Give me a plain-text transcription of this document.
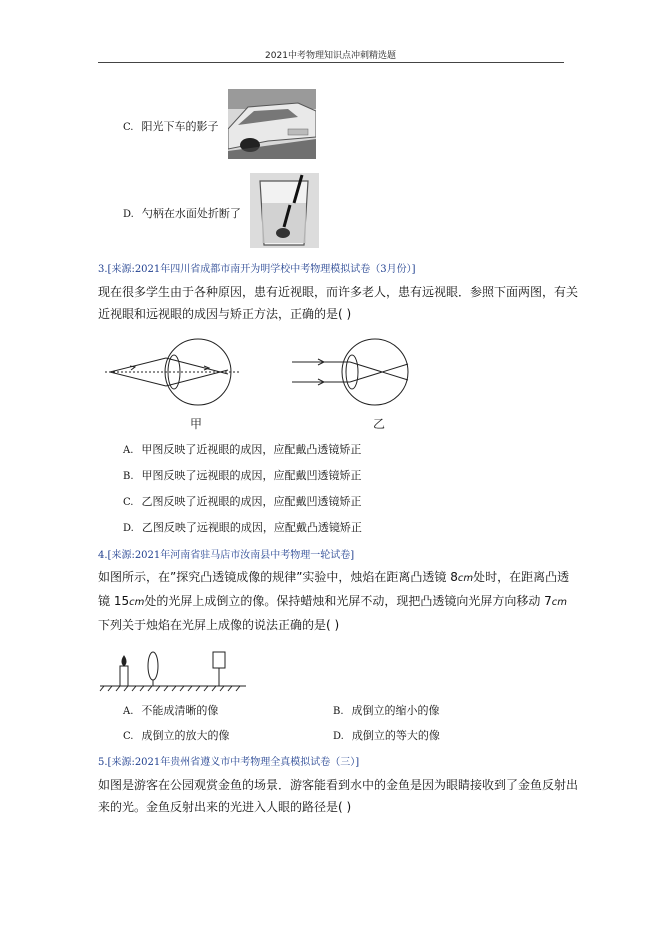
2021中考物理知识点冲刺精选题
C. 阳光下车的影子
D. 勺柄在水面处折断了
3.[来源:2021年四川省成都市南开为明学校中考物理模拟试卷（3月份）]
现在很多学生由于各种原因，患有近视眼，而许多老人，患有远视眼．参照下面两图，有关
近视眼和远视眼的成因与矫正方法，正确的是( )
甲	乙
A. 甲图反映了近视眼的成因，应配戴凸透镜矫正
B. 甲图反映了远视眼的成因，应配戴凹透镜矫正
C. 乙图反映了近视眼的成因，应配戴凹透镜矫正
D. 乙图反映了远视眼的成因，应配戴凸透镜矫正
4.[来源:2021年河南省驻马店市汝南县中考物理一轮试卷]
如图所示，在”探究凸透镜成像的规律”实验中，烛焰在距离凸透镜 8cm处时，在距离凸透
镜 15cm处的光屏上成倒立的像。保持蜡烛和光屏不动，现把凸透镜向光屏方向移动 7cm
下列关于烛焰在光屏上成像的说法正确的是( )
A. 不能成清晰的像	B. 成倒立的缩小的像
C. 成倒立的放大的像	D. 成倒立的等大的像
5.[来源:2021年贵州省遵义市中考物理全真模拟试卷（三）]
如图是游客在公园观赏金鱼的场景．游客能看到水中的金鱼是因为眼睛接收到了金鱼反射出
来的光。金鱼反射出来的光进入人眼的路径是( )
